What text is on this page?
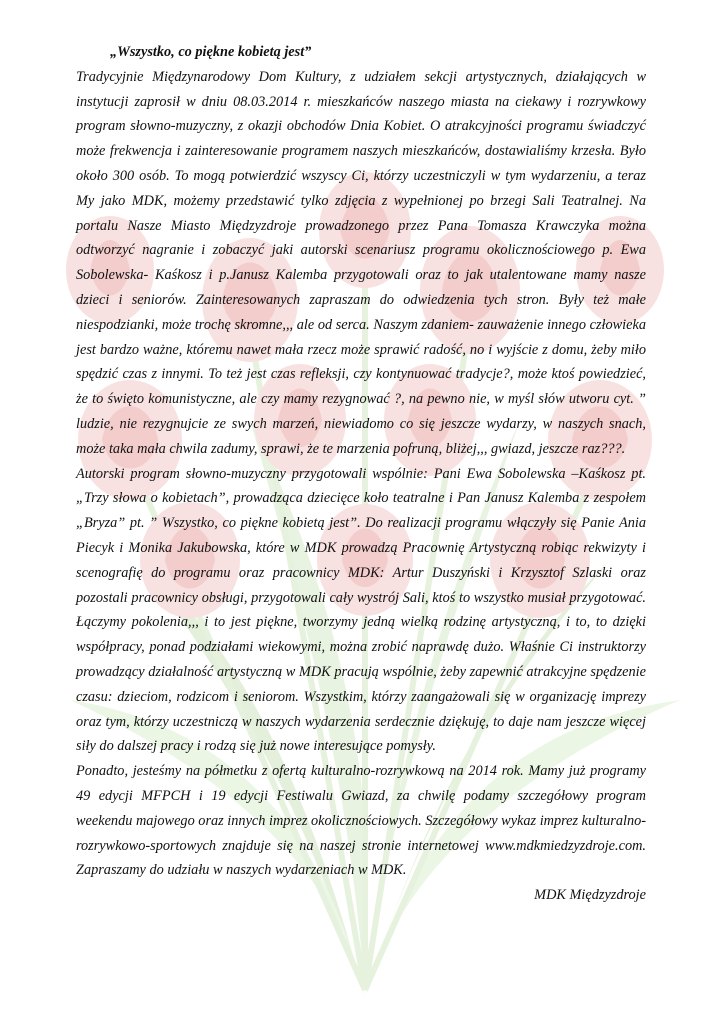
„Wszystko, co piękne kobietą jest”

Tradycyjnie Międzynarodowy Dom Kultury, z udziałem sekcji artystycznych, działających w instytucji zaprosił w dniu 08.03.2014 r. mieszkańców naszego miasta na ciekawy i rozrywkowy program słowno-muzyczny, z okazji obchodów Dnia Kobiet. O atrakcyjności programu świadczyć może frekwencja i zainteresowanie programem naszych mieszkańców, dostawialiśmy krzesła. Było około 300 osób. To mogą potwierdzić wszyscy Ci, którzy uczestniczyli w tym wydarzeniu, a teraz My jako MDK, możemy przedstawić tylko zdjęcia z wypełnionej po brzegi Sali Teatralnej. Na portalu Nasze Miasto Międzyzdroje prowadzonego przez Pana Tomasza Krawczyka można odtworzyć nagranie i zobaczyć jaki autorski scenariusz programu okolicznościowego p. Ewa Sobolewska- Kaśkosz i p.Janusz Kalemba przygotowali oraz to jak utalentowane mamy nasze dzieci i seniorów. Zainteresowanych zapraszam do odwiedzenia tych stron. Były też małe niespodzianki, może trochę skromne,,, ale od serca. Naszym zdaniem- zauważenie innego człowieka jest bardzo ważne, któremu nawet mała rzecz może sprawić radość, no i wyjście z domu, żeby miło spędzić czas z innymi. To też jest czas refleksji, czy kontynuować tradycje?, może ktoś powiedzieć, że to święto komunistyczne, ale czy mamy rezygnować ?, na pewno nie, w myśl słów utworu cyt. ” ludzie, nie rezygnujcie ze swych marzeń, niewiadomo co się jeszcze wydarzy, w naszych snach, może taka mała chwila zadumy, sprawi, że te marzenia pofruną, bliżej,,, gwiazd, jeszcze raz???.

Autorski program słowno-muzyczny przygotowali wspólnie: Pani Ewa Sobolewska –Kaśkosz pt. „Trzy słowa o kobietach”, prowadząca dziecięce koło teatralne i Pan Janusz Kalemba z zespołem „Bryza” pt. ” Wszystko, co piękne kobietą jest”. Do realizacji programu włączyły się Panie Ania Piecyk i Monika Jakubowska, które w MDK prowadzą Pracownię Artystyczną robiąc rekwizyty i scenografię do programu oraz pracownicy MDK: Artur Duszyński i Krzysztof Szlaski oraz pozostali pracownicy obsługi, przygotowali cały wystrój Sali, ktoś to wszystko musiał przygotować. Łączymy pokolenia,,, i to jest piękne, tworzymy jedną wielką rodzinę artystyczną, i to, to dzięki współpracy, ponad podziałami wiekowymi, można zrobić naprawdę dużo. Właśnie Ci instruktorzy prowadzący działalność artystyczną w MDK pracują wspólnie, żeby zapewnić atrakcyjne spędzenie czasu: dzieciom, rodzicom i seniorom. Wszystkim, którzy zaangażowali się w organizację imprezy oraz tym, którzy uczestniczą w naszych wydarzenia serdecznie dziękuję, to daje nam jeszcze więcej siły do dalszej pracy i rodzą się już nowe interesujące pomysły.

Ponadto, jesteśmy na półmetku z ofertą kulturalno-rozrywkową na 2014 rok. Mamy już programy 49 edycji MFPCH i 19 edycji Festiwalu Gwiazd, za chwilę podamy szczegółowy program weekendu majowego oraz innych imprez okolicznościowych. Szczegółowy wykaz imprez kulturalno-rozrywkowo-sportowych znajduje się na naszej stronie internetowej www.mdkmiedzyzdroje.com. Zapraszamy do udziału w naszych wydarzeniach w MDK.

MDK Międzyzdroje
